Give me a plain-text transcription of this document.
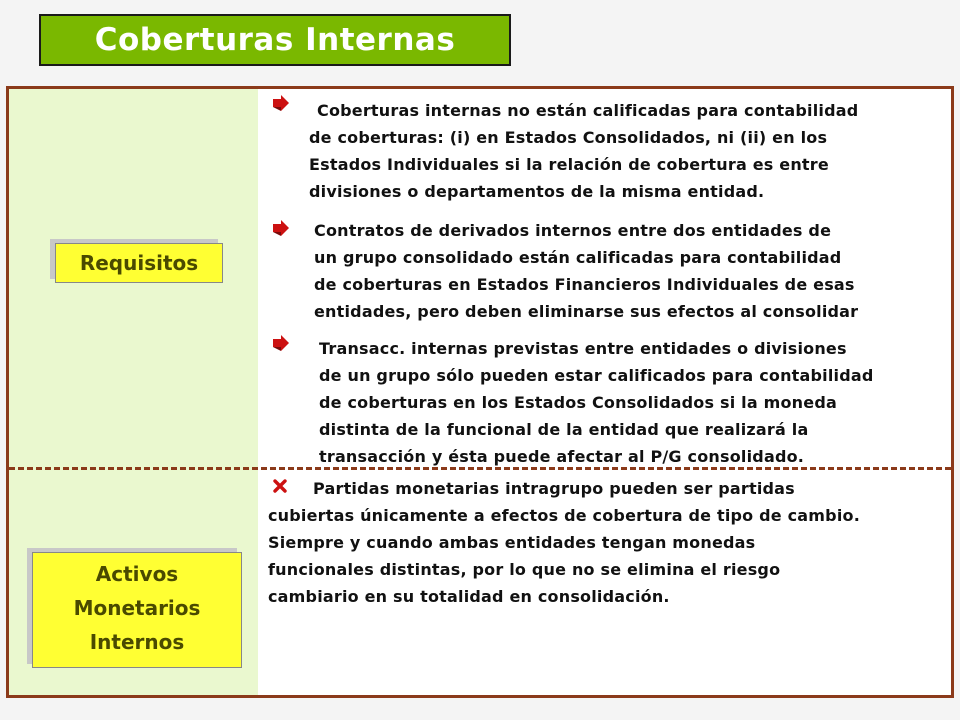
Coberturas Internas
Requisitos
Activos
Monetarios
Internos
Coberturas internas no están calificadas para contabilidad
de coberturas: (i) en Estados Consolidados, ni (ii) en los
Estados Individuales si la relación de cobertura es entre
divisiones o departamentos de la misma entidad.
Contratos de derivados internos entre dos entidades de
un grupo consolidado están calificadas para contabilidad
de coberturas en Estados Financieros Individuales de esas
entidades, pero deben eliminarse sus efectos al consolidar
Transacc. internas previstas entre entidades o divisiones
de un grupo sólo pueden estar calificados para contabilidad
de coberturas en los Estados Consolidados si la moneda
distinta de la funcional de la entidad que realizará la
transacción y ésta puede afectar al P/G consolidado.
Partidas monetarias intragrupo pueden ser partidas
cubiertas únicamente a efectos de cobertura de tipo de cambio.
Siempre y cuando ambas entidades tengan monedas
funcionales distintas, por lo que no se elimina el riesgo
cambiario en su totalidad en consolidación.
